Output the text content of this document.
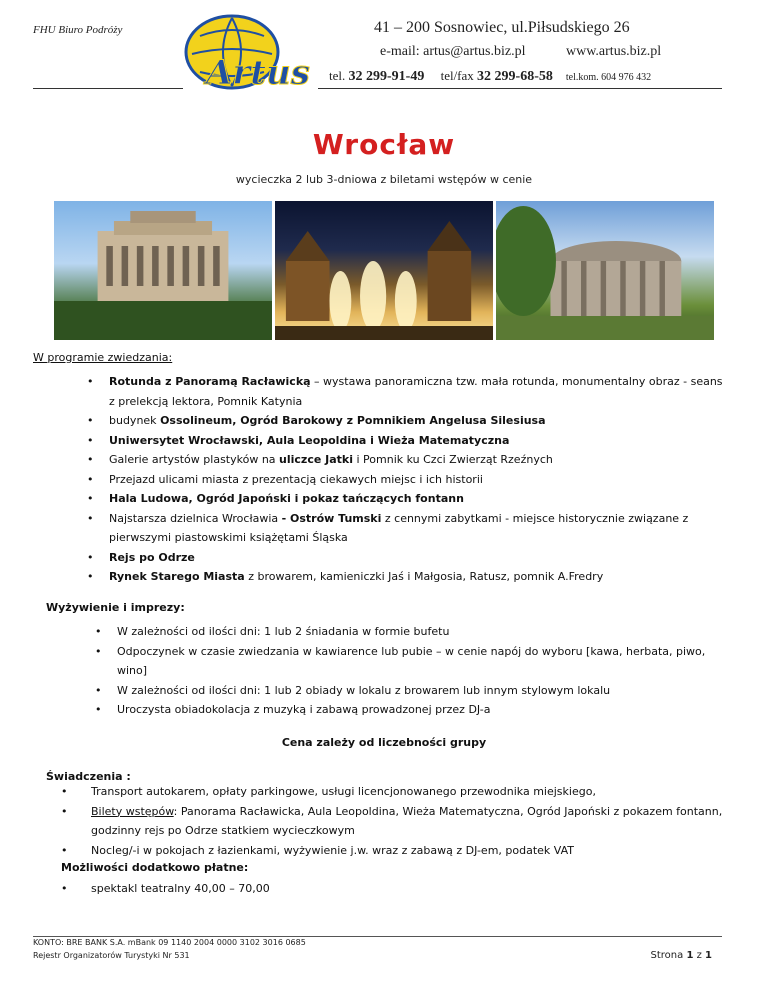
FHU Biuro Podróży
Artus
41 – 200 Sosnowiec, ul.Piłsudskiego 26
e-mail: artus@artus.biz.pl	www.artus.biz.pl
tel. 32 299-91-49 tel/fax 32 299-68-58 tel.kom. 604 976 432
Wrocław
wycieczka 2 lub 3-dniowa z biletami wstępów w cenie
W programie zwiedzania:
• Rotunda z Panoramą Racławicką – wystawa panoramiczna tzw. mała rotunda, monumentalny obraz - seans z prelekcją lektora, Pomnik Katynia
• budynek Ossolineum, Ogród Barokowy z Pomnikiem Angelusa Silesiusa
• Uniwersytet Wrocławski, Aula Leopoldina i Wieża Matematyczna
• Galerie artystów plastyków na uliczce Jatki i Pomnik ku Czci Zwierząt Rzeźnych
• Przejazd ulicami miasta z prezentacją ciekawych miejsc i ich historii
• Hala Ludowa, Ogród Japoński i pokaz tańczących fontann
• Najstarsza dzielnica Wrocławia - Ostrów Tumski z cennymi zabytkami - miejsce historycznie związane z pierwszymi piastowskimi książętami Śląska
• Rejs po Odrze
• Rynek Starego Miasta z browarem, kamieniczki Jaś i Małgosia, Ratusz, pomnik A.Fredry
Wyżywienie i imprezy:
• W zależności od ilości dni: 1 lub 2 śniadania w formie bufetu
• Odpoczynek w czasie zwiedzania w kawiarence lub pubie – w cenie napój do wyboru [kawa, herbata, piwo, wino]
• W zależności od ilości dni: 1 lub 2 obiady w lokalu z browarem lub innym stylowym lokalu
• Uroczysta obiadokolacja z muzyką i zabawą prowadzonej przez DJ-a
Cena zależy od liczebności grupy
Świadczenia :
• Transport autokarem, opłaty parkingowe, usługi licencjonowanego przewodnika miejskiego,
• Bilety wstępów: Panorama Racławicka, Aula Leopoldina, Wieża Matematyczna, Ogród Japoński z pokazem fontann, godzinny rejs po Odrze statkiem wycieczkowym
• Nocleg/-i w pokojach z łazienkami, wyżywienie j.w. wraz z zabawą z DJ-em, podatek VAT
Możliwości dodatkowo płatne:
• spektakl teatralny 40,00 – 70,00
KONTO: BRE BANK S.A. mBank 09 1140 2004 0000 3102 3016 0685
Rejestr Organizatorów Turystyki Nr 531	Strona 1 z 1
